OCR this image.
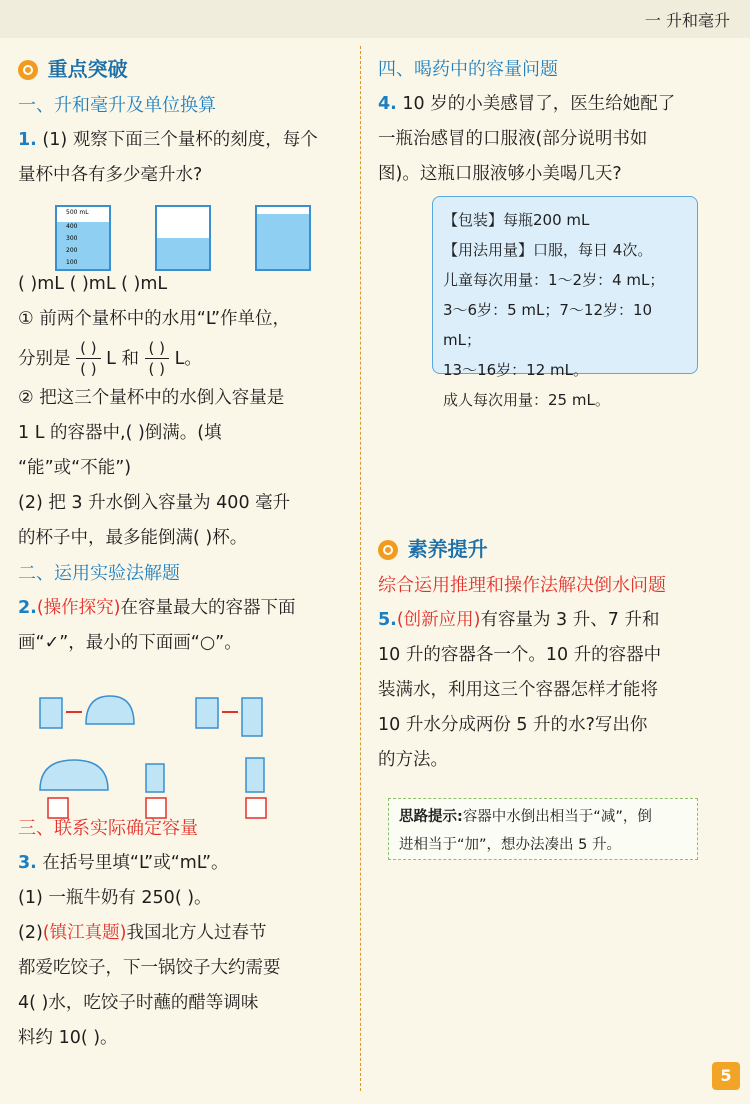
一 升和毫升
重点突破
一、升和毫升及单位换算
1. (1) 观察下面三个量杯的刻度，每个
量杯中各有多少毫升水?
( )mL ( )mL ( )mL
① 前两个量杯中的水用“L”作单位，
分别是 $\frac{( )}{( )}$ L 和 $\frac{( )}{( )}$ L。
② 把这三个量杯中的水倒入容量是
1 L 的容器中,( )倒满。(填
“能”或“不能”)
(2) 把 3 升水倒入容量为 400 毫升
的杯子中，最多能倒满( )杯。
二、运用实验法解题
2.(操作探究)在容量最大的容器下面
画“✓”，最小的下面画“○”。
三、联系实际确定容量
3. 在括号里填“L”或“mL”。
(1) 一瓶牛奶有 250( )。
(2)(镇江真题)我国北方人过春节
都爱吃饺子，下一锅饺子大约需要
4( )水，吃饺子时蘸的醋等调味
料约 10( )。
500 mL
400
300
200
100
四、喝药中的容量问题
4. 10 岁的小美感冒了，医生给她配了
一瓶治感冒的口服液(部分说明书如
图)。这瓶口服液够小美喝几天?
素养提升
综合运用推理和操作法解决倒水问题
5.(创新应用)有容量为 3 升、7 升和
10 升的容器各一个。10 升的容器中
装满水，利用这三个容器怎样才能将
10 升水分成两份 5 升的水?写出你
的方法。
【包装】每瓶200 mL
【用法用量】口服，每日 4次。
儿童每次用量：1～2岁：4 mL；
3～6岁：5 mL；7～12岁：10 mL；
13～16岁：12 mL。
成人每次用量：25 mL。
思路提示:容器中水倒出相当于“减”，倒
进相当于“加”，想办法凑出 5 升。
5
